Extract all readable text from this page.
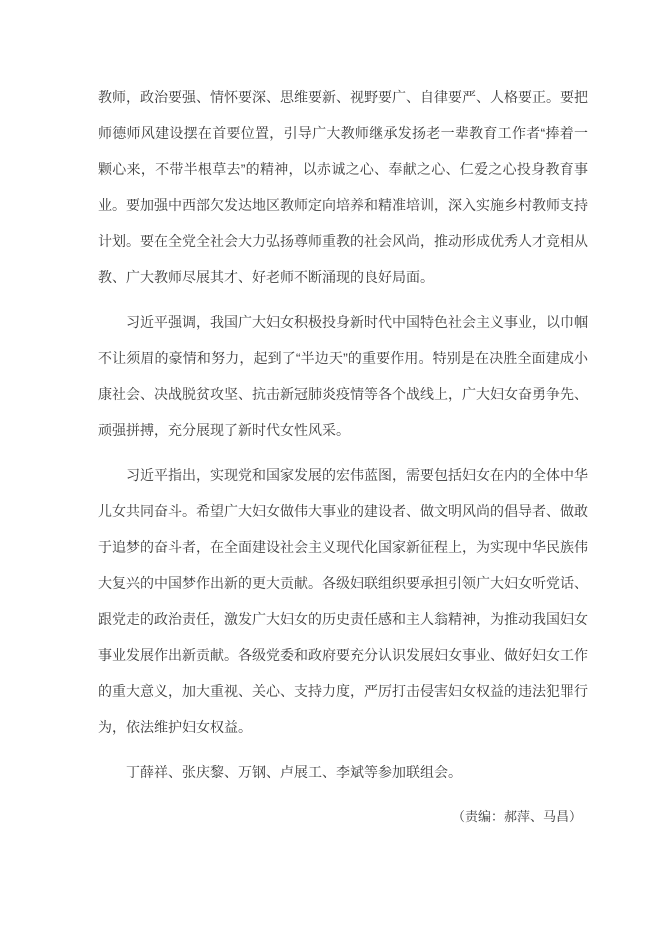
教师，政治要强、情怀要深、思维要新、视野要广、自律要严、人格要正。要把师德师风建设摆在首要位置，引导广大教师继承发扬老一辈教育工作者“捧着一颗心来，不带半根草去”的精神，以赤诚之心、奉献之心、仁爱之心投身教育事业。要加强中西部欠发达地区教师定向培养和精准培训，深入实施乡村教师支持计划。要在全党全社会大力弘扬尊师重教的社会风尚，推动形成优秀人才竞相从教、广大教师尽展其才、好老师不断涌现的良好局面。

习近平强调，我国广大妇女积极投身新时代中国特色社会主义事业，以巾帼不让须眉的豪情和努力，起到了“半边天”的重要作用。特别是在决胜全面建成小康社会、决战脱贫攻坚、抗击新冠肺炎疫情等各个战线上，广大妇女奋勇争先、顽强拼搏，充分展现了新时代女性风采。

习近平指出，实现党和国家发展的宏伟蓝图，需要包括妇女在内的全体中华儿女共同奋斗。希望广大妇女做伟大事业的建设者、做文明风尚的倡导者、做敢于追梦的奋斗者，在全面建设社会主义现代化国家新征程上，为实现中华民族伟大复兴的中国梦作出新的更大贡献。各级妇联组织要承担引领广大妇女听党话、跟党走的政治责任，激发广大妇女的历史责任感和主人翁精神，为推动我国妇女事业发展作出新贡献。各级党委和政府要充分认识发展妇女事业、做好妇女工作的重大意义，加大重视、关心、支持力度，严厉打击侵害妇女权益的违法犯罪行为，依法维护妇女权益。

丁薛祥、张庆黎、万钢、卢展工、李斌等参加联组会。

（责编：郝萍、马昌）
